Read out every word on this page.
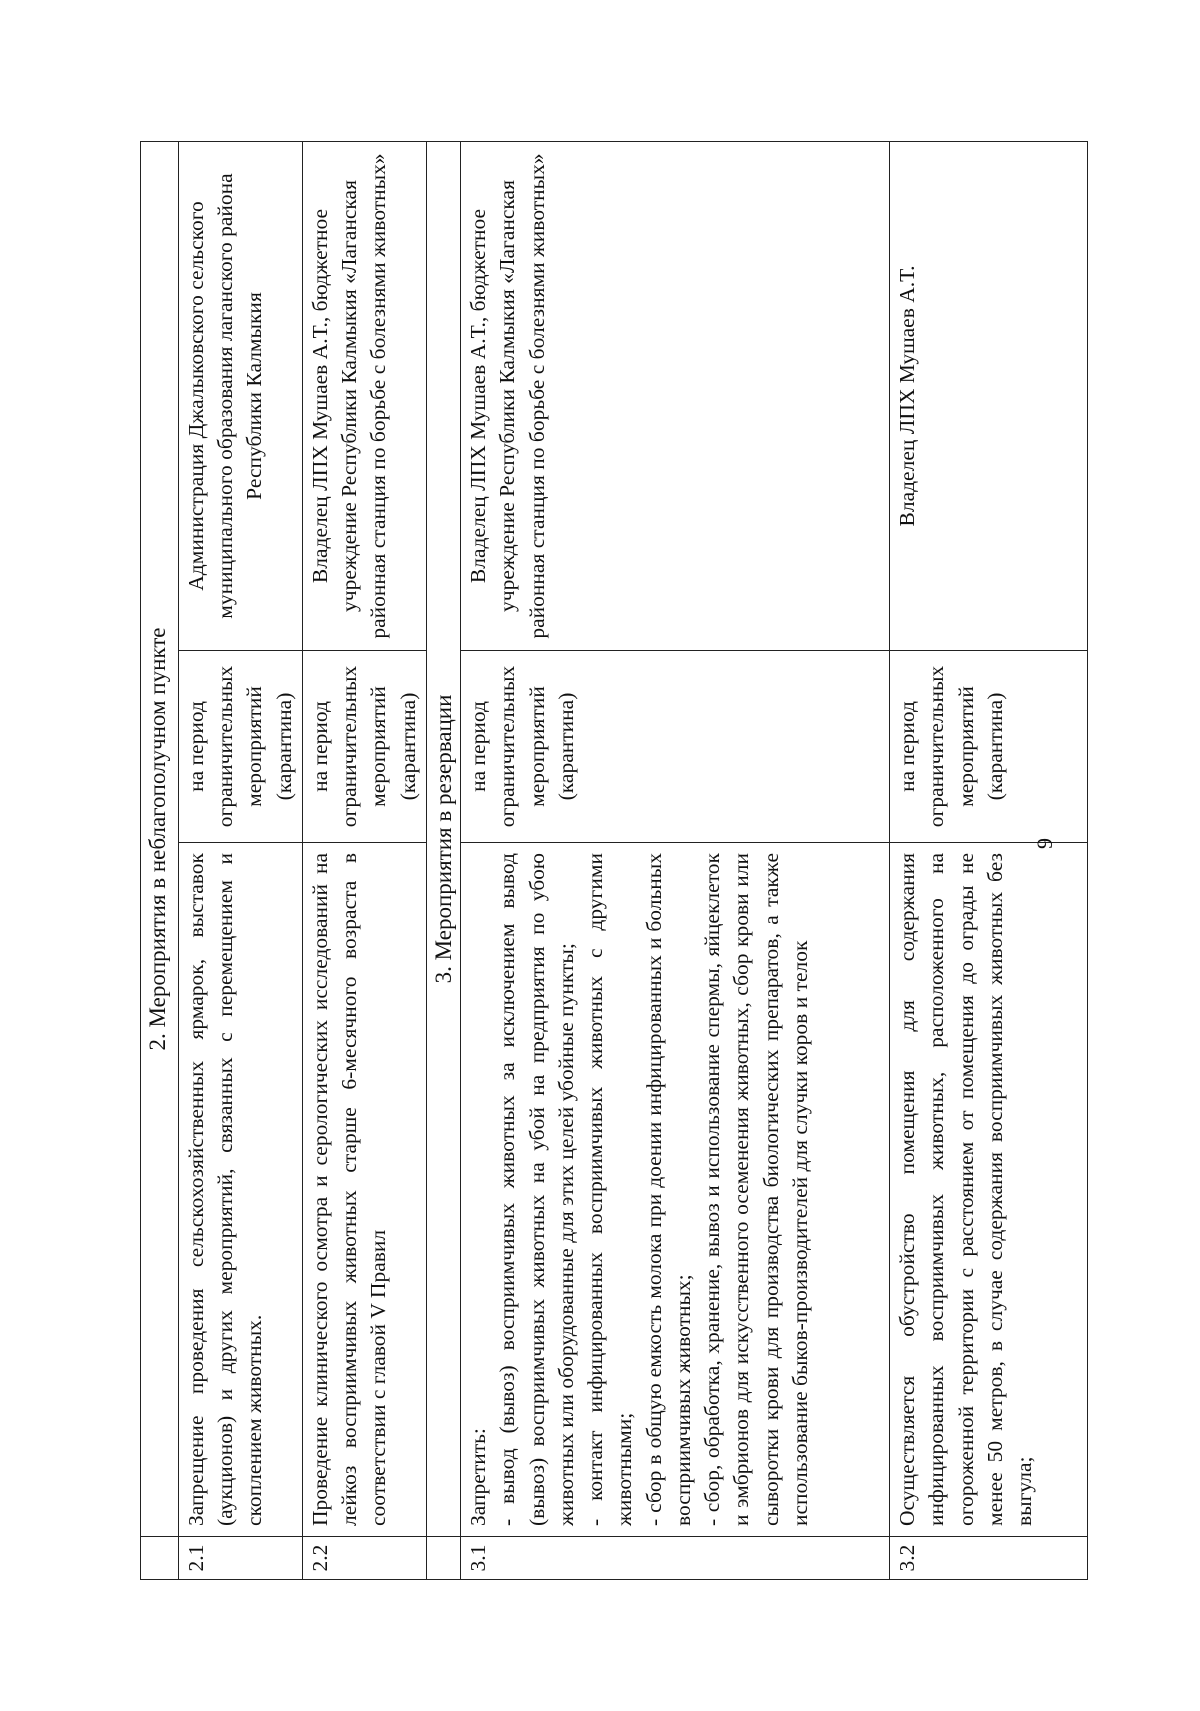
	2. Мероприятия в неблагополучном пункте		
2.1	Запрещение проведения сельскохозяйственных ярмарок, выставок (аукционов) и других мероприятий, связанных с перемещением и скоплением животных.	на период ограничительных мероприятий (карантина)	Администрация Джалыковского сельского муниципального образования лаганского района Республики Калмыкия
2.2	Проведение клинического осмотра и серологических исследований на лейкоз восприимчивых животных старше 6-месячного возраста в соответствии с главой V Правил	на период ограничительных мероприятий (карантина)	Владелец ЛПХ Мушаев А.Т., бюджетное учреждение Республики Калмыкия «Лаганская районная станция по борьбе с болезнями животных»
	3. Мероприятия в резервации		
3.1	Запретить: - вывод (вывоз) восприимчивых животных за исключением вывод (вывоз) восприимчивых животных на убой на предприятия по убою животных или оборудованные для этих целей убойные пункты; - контакт инфицированных восприимчивых животных с другими животными; - сбор в общую емкость молока при доении инфицированных и больных восприимчивых животных; - сбор, обработка, хранение, вывоз и использование спермы, яйцеклеток и эмбрионов для искусственного осеменения животных, сбор крови или сыворотки крови для производства биологических препаратов, а также использование быков-производителей для случки коров и телок	на период ограничительных мероприятий (карантина)	Владелец ЛПХ Мушаев А.Т., бюджетное учреждение Республики Калмыкия «Лаганская районная станция по борьбе с болезнями животных»
3.2	Осуществляется обустройство помещения для содержания инфицированных восприимчивых животных, расположенного на огороженной территории с расстоянием от помещения до ограды не менее 50 метров, в случае содержания восприимчивых животных без выгула;	на период ограничительных мероприятий (карантина)	Владелец ЛПХ Мушаев А.Т.
9
